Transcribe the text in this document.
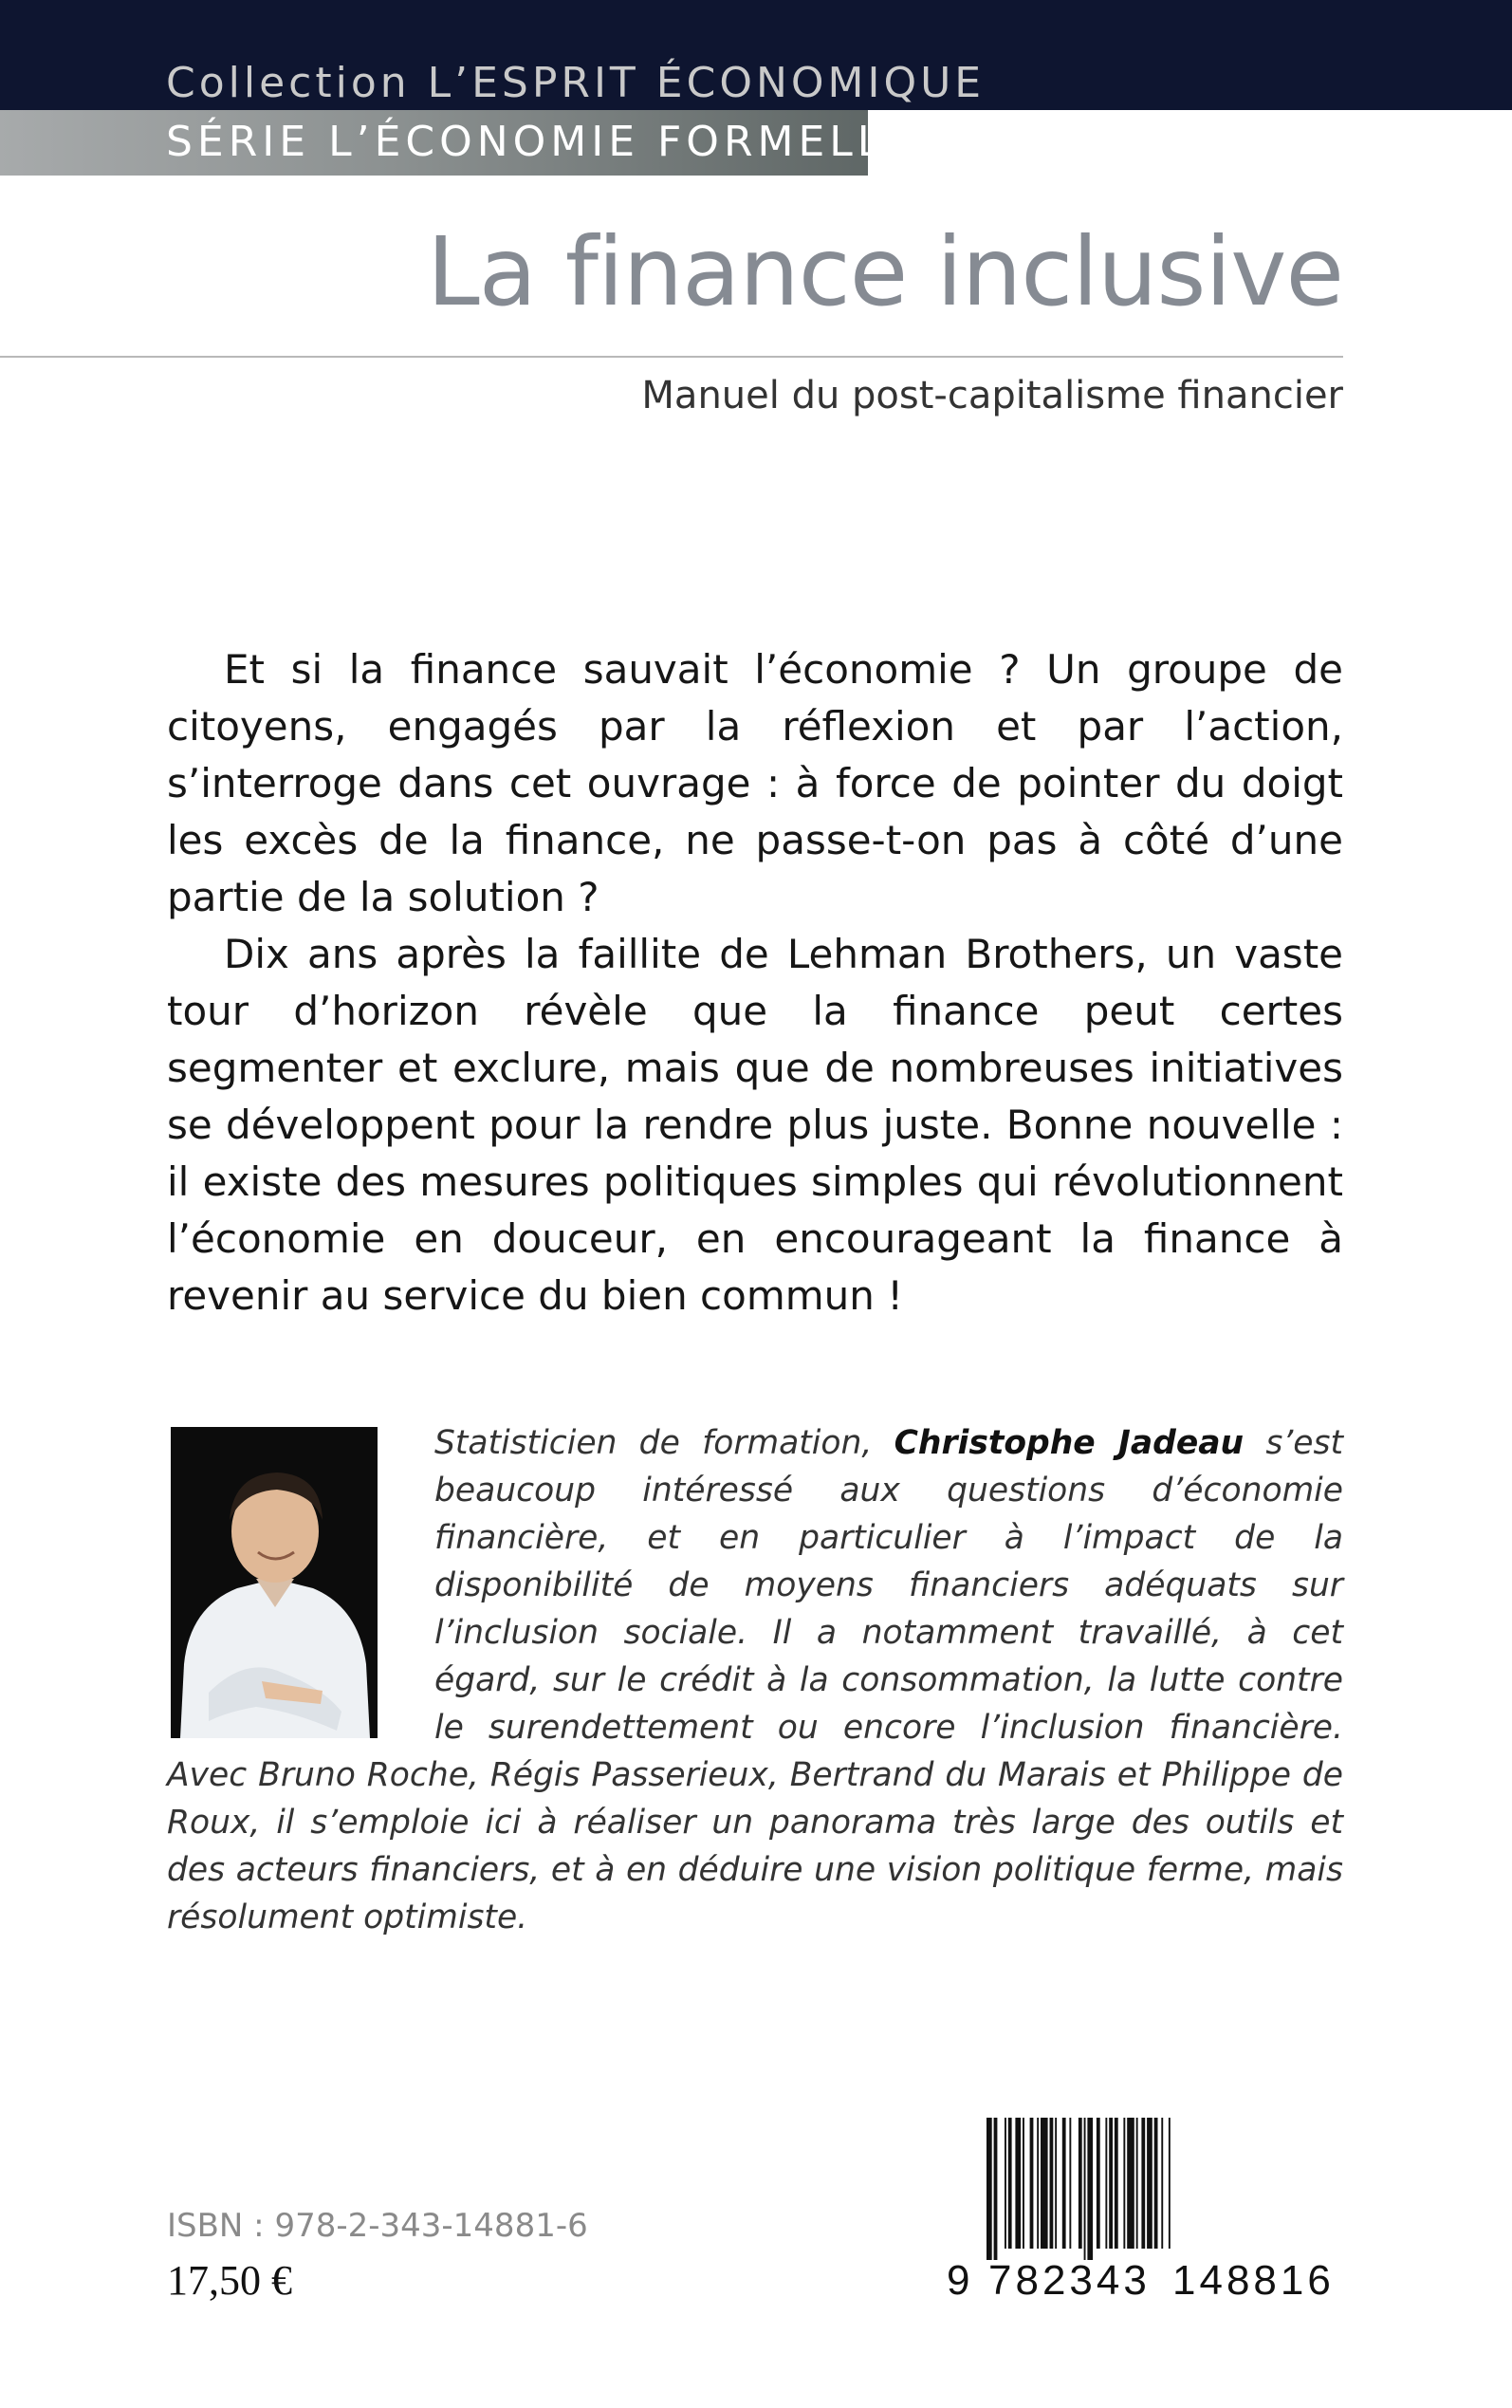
Collection L’ESPRIT ÉCONOMIQUE
SÉRIE L’ÉCONOMIE FORMELLE
La finance inclusive
Manuel du post-capitalisme financier

Et si la finance sauvait l’économie ? Un groupe de citoyens, engagés par la réflexion et par l’action, s’interroge dans cet ouvrage : à force de pointer du doigt les excès de la finance, ne passe-t-on pas à côté d’une partie de la solution ?

Dix ans après la faillite de Lehman Brothers, un vaste tour d’horizon révèle que la finance peut certes segmenter et exclure, mais que de nombreuses initiatives se développent pour la rendre plus juste. Bonne nouvelle : il existe des mesures politiques simples qui révolutionnent l’économie en douceur, en encourageant la finance à revenir au service du bien commun !

Statisticien de formation, Christophe Jadeau s’est beaucoup intéressé aux questions d’économie financière, et en particulier à l’impact de la disponibilité de moyens financiers adéquats sur l’inclusion sociale. Il a notamment travaillé, à cet égard, sur le crédit à la consommation, la lutte contre le surendettement ou encore l’inclusion financière. Avec Bruno Roche, Régis Passerieux, Bertrand du Marais et Philippe de Roux, il s’emploie ici à réaliser un panorama très large des outils et des acteurs financiers, et à en déduire une vision politique ferme, mais résolument optimiste.

ISBN : 978-2-343-14881-6
17,50 €	9 782343 148816
